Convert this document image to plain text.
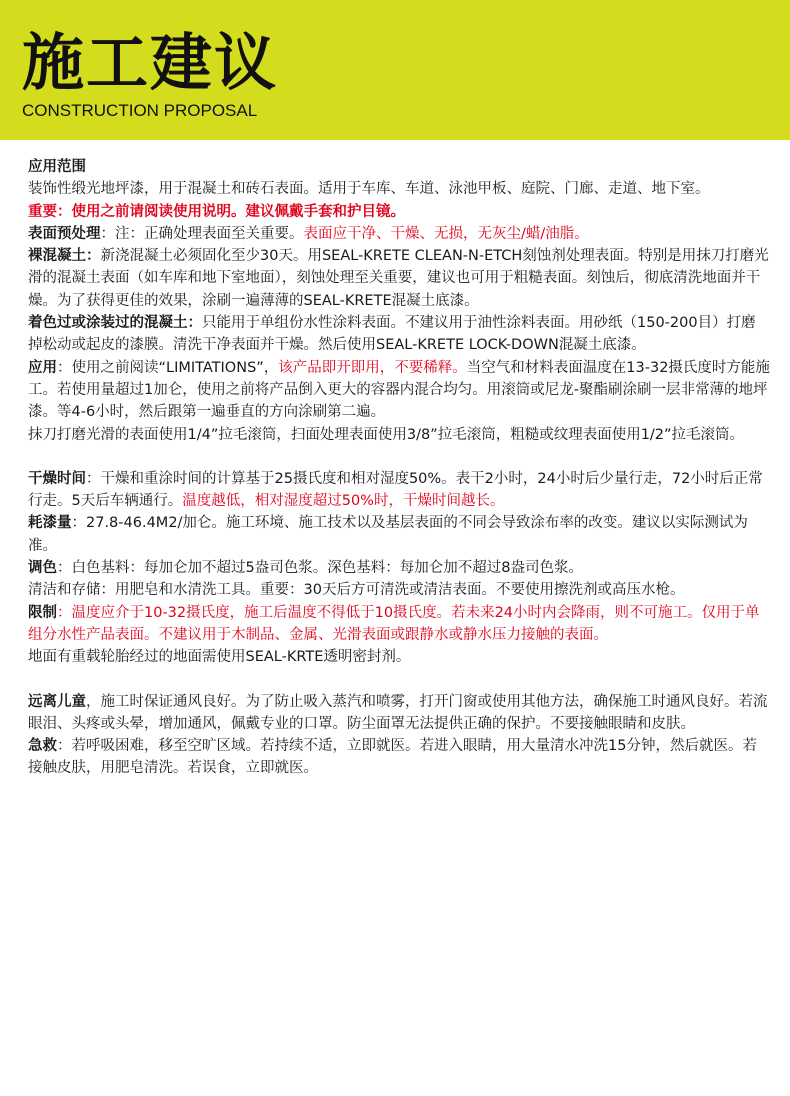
施工建议
CONSTRUCTION PROPOSAL

应用范围
装饰性缎光地坪漆，用于混凝土和砖石表面。适用于车库、车道、泳池甲板、庭院、门廊、走道、地下室。

重要：使用之前请阅读使用说明。建议佩戴手套和护目镜。

表面预处理：注：正确处理表面至关重要。表面应干净、干燥、无损，无灰尘/蜡/油脂。

裸混凝土：新浇混凝土必须固化至少30天。用SEAL-KRETE CLEAN-N-ETCH刻蚀剂处理表面。特别是用抹刀打磨光滑的混凝土表面（如车库和地下室地面），刻蚀处理至关重要，建议也可用于粗糙表面。刻蚀后，彻底清洗地面并干燥。为了获得更佳的效果，涂刷一遍薄薄的SEAL-KRETE混凝土底漆。

着色过或涂装过的混凝土：只能用于单组份水性涂料表面。不建议用于油性涂料表面。用砂纸（150-200目）打磨掉松动或起皮的漆膜。清洗干净表面并干燥。然后使用SEAL-KRETE LOCK-DOWN混凝土底漆。

应用：使用之前阅读“LIMITATIONS”，该产品即开即用，不要稀释。当空气和材料表面温度在13-32摄氏度时方能施工。若使用量超过1加仑，使用之前将产品倒入更大的容器内混合均匀。用滚筒或尼龙-聚酯刷涂刷一层非常薄的地坪漆。等4-6小时，然后跟第一遍垂直的方向涂刷第二遍。

抹刀打磨光滑的表面使用1/4”拉毛滚筒，扫面处理表面使用3/8”拉毛滚筒，粗糙或纹理表面使用1/2”拉毛滚筒。

干燥时间：干燥和重涂时间的计算基于25摄氏度和相对湿度50%。表干2小时，24小时后少量行走，72小时后正常行走。5天后车辆通行。温度越低，相对湿度超过50%时，干燥时间越长。

耗漆量：27.8-46.4M2/加仑。施工环境、施工技术以及基层表面的不同会导致涂布率的改变。建议以实际测试为准。

调色：白色基料：每加仑加不超过5盎司色浆。深色基料：每加仑加不超过8盎司色浆。

清洁和存储：用肥皂和水清洗工具。重要：30天后方可清洗或清洁表面。不要使用擦洗剂或高压水枪。

限制：温度应介于10-32摄氏度，施工后温度不得低于10摄氏度。若未来24小时内会降雨，则不可施工。仅用于单组分水性产品表面。不建议用于木制品、金属、光滑表面或跟静水或静水压力接触的表面。

地面有重载轮胎经过的地面需使用SEAL-KRTE透明密封剂。

远离儿童，施工时保证通风良好。为了防止吸入蒸汽和喷雾，打开门窗或使用其他方法，确保施工时通风良好。若流眼泪、头疼或头晕，增加通风，佩戴专业的口罩。防尘面罩无法提供正确的保护。不要接触眼睛和皮肤。

急救：若呼吸困难，移至空旷区域。若持续不适，立即就医。若进入眼睛，用大量清水冲洗15分钟，然后就医。若接触皮肤，用肥皂清洗。若误食，立即就医。
